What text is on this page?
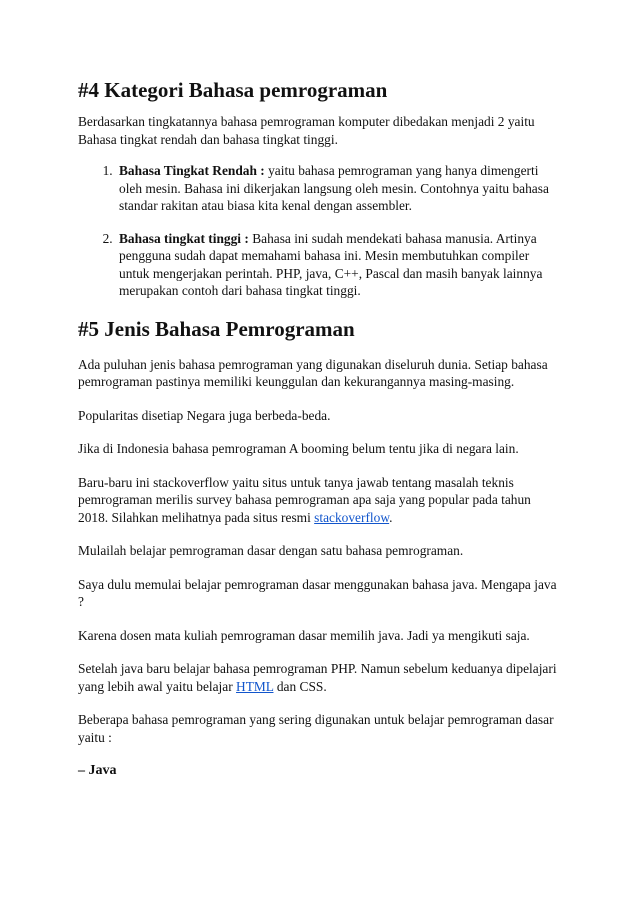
#4 Kategori Bahasa pemrograman

Berdasarkan tingkatannya bahasa pemrograman komputer dibedakan menjadi 2 yaitu Bahasa tingkat rendah dan bahasa tingkat tinggi.

1. Bahasa Tingkat Rendah : yaitu bahasa pemrograman yang hanya dimengerti oleh mesin. Bahasa ini dikerjakan langsung oleh mesin. Contohnya yaitu bahasa standar rakitan atau biasa kita kenal dengan assembler.
2. Bahasa tingkat tinggi : Bahasa ini sudah mendekati bahasa manusia. Artinya pengguna sudah dapat memahami bahasa ini. Mesin membutuhkan compiler untuk mengerjakan perintah. PHP, java, C++, Pascal dan masih banyak lainnya merupakan contoh dari bahasa tingkat tinggi.
#5 Jenis Bahasa Pemrograman

Ada puluhan jenis bahasa pemrograman yang digunakan diseluruh dunia. Setiap bahasa pemrograman pastinya memiliki keunggulan dan kekurangannya masing-masing.

Popularitas disetiap Negara juga berbeda-beda.

Jika di Indonesia bahasa pemrograman A booming belum tentu jika di negara lain.

Baru-baru ini stackoverflow yaitu situs untuk tanya jawab tentang masalah teknis pemrograman merilis survey bahasa pemrograman apa saja yang popular pada tahun 2018. Silahkan melihatnya pada situs resmi stackoverflow.

Mulailah belajar pemrograman dasar dengan satu bahasa pemrograman.

Saya dulu memulai belajar pemrograman dasar menggunakan bahasa java. Mengapa java ?

Karena dosen mata kuliah pemrograman dasar memilih java. Jadi ya mengikuti saja.

Setelah java baru belajar bahasa pemrograman PHP. Namun sebelum keduanya dipelajari yang lebih awal yaitu belajar HTML dan CSS.

Beberapa bahasa pemrograman yang sering digunakan untuk belajar pemrograman dasar yaitu :

– Java
